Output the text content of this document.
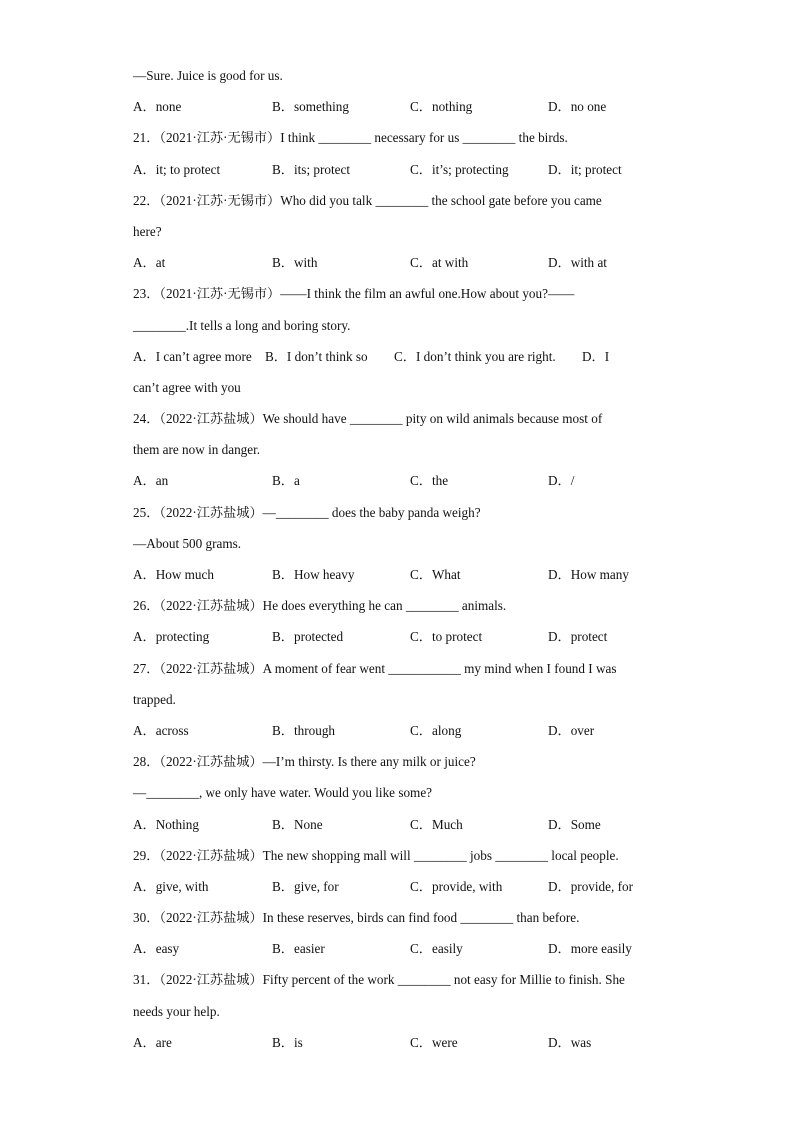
—Sure. Juice is good for us.
A．none	B．something	C．nothing	D．no one
21．（2021·江苏·无锡市）I think ________ necessary for us ________ the birds.
A．it; to protect	B．its; protect	C．it’s; protecting	D．it; protect
22．（2021·江苏·无锡市）Who did you talk ________ the school gate before you came
here?
A．at	B．with	C．at with	D．with at
23．（2021·江苏·无锡市）——I think the film an awful one.How about you?——
________.It tells a long and boring story.
A．I can’t agree more    B．I don’t think so        C．I don’t think you are right.        D．I
can’t agree with you
24．（2022·江苏盐城）We should have ________ pity on wild animals because most of
them are now in danger.
A．an	B．a	C．the	D．/
25．（2022·江苏盐城）—________ does the baby panda weigh?
—About 500 grams.
A．How much	B．How heavy	C．What	D．How many
26．（2022·江苏盐城）He does everything he can ________ animals.
A．protecting	B．protected	C．to protect	D．protect
27．（2022·江苏盐城）A moment of fear went ___________ my mind when I found I was
trapped.
A．across	B．through	C．along	D．over
28．（2022·江苏盐城）—I’m thirsty. Is there any milk or juice?
—________, we only have water. Would you like some?
A．Nothing	B．None	C．Much	D．Some
29．（2022·江苏盐城）The new shopping mall will ________ jobs ________ local people.
A．give, with	B．give, for	C．provide, with	D．provide, for
30．（2022·江苏盐城）In these reserves, birds can find food ________ than before.
A．easy	B．easier	C．easily	D．more easily
31．（2022·江苏盐城）Fifty percent of the work ________ not easy for Millie to finish. She
needs your help.
A．are	B．is	C．were	D．was
